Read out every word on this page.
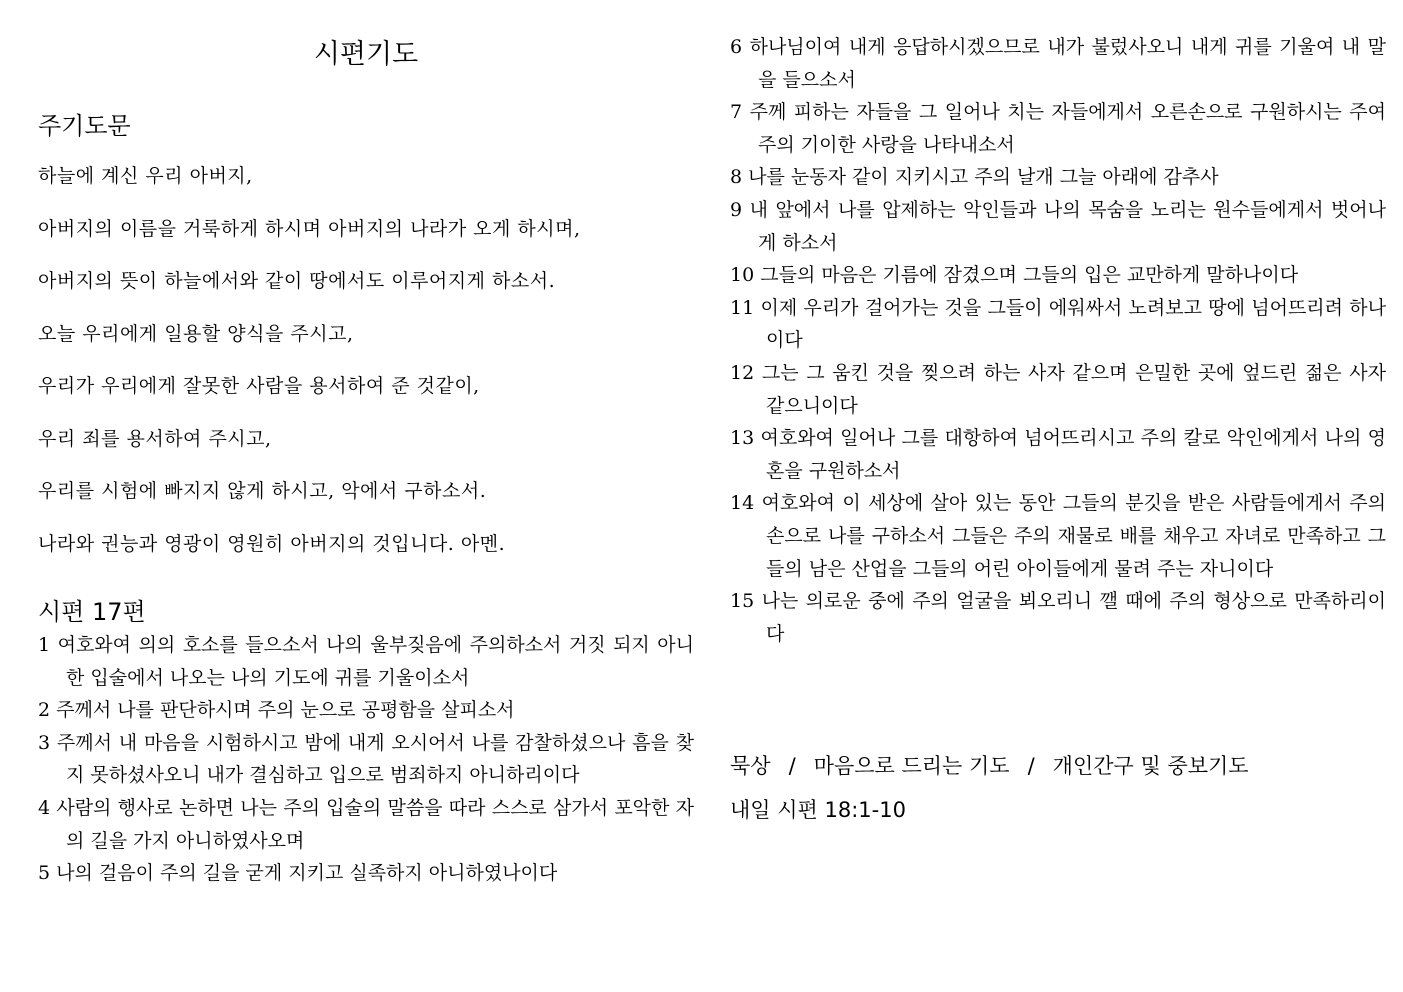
시편기도
주기도문
하늘에 계신 우리 아버지,
아버지의 이름을 거룩하게 하시며 아버지의 나라가 오게 하시며,
아버지의 뜻이 하늘에서와 같이 땅에서도 이루어지게 하소서.
오늘 우리에게 일용할 양식을 주시고,
우리가 우리에게 잘못한 사람을 용서하여 준 것같이,
우리 죄를 용서하여 주시고,
우리를 시험에 빠지지 않게 하시고, 악에서 구하소서.
나라와 권능과 영광이 영원히 아버지의 것입니다. 아멘.
시편 17편
1 여호와여 의의 호소를 들으소서 나의 울부짖음에 주의하소서 거짓 되지 아니한 입술에서 나오는 나의 기도에 귀를 기울이소서
2 주께서 나를 판단하시며 주의 눈으로 공평함을 살피소서
3 주께서 내 마음을 시험하시고 밤에 내게 오시어서 나를 감찰하셨으나 흠을 찾지 못하셨사오니 내가 결심하고 입으로 범죄하지 아니하리이다
4 사람의 행사로 논하면 나는 주의 입술의 말씀을 따라 스스로 삼가서 포악한 자의 길을 가지 아니하였사오며
5 나의 걸음이 주의 길을 굳게 지키고 실족하지 아니하였나이다
6 하나님이여 내게 응답하시겠으므로 내가 불렀사오니 내게 귀를 기울여 내 말을 들으소서
7 주께 피하는 자들을 그 일어나 치는 자들에게서 오른손으로 구원하시는 주여 주의 기이한 사랑을 나타내소서
8 나를 눈동자 같이 지키시고 주의 날개 그늘 아래에 감추사
9 내 앞에서 나를 압제하는 악인들과 나의 목숨을 노리는 원수들에게서 벗어나게 하소서
10 그들의 마음은 기름에 잠겼으며 그들의 입은 교만하게 말하나이다
11 이제 우리가 걸어가는 것을 그들이 에워싸서 노려보고 땅에 넘어뜨리려 하나이다
12 그는 그 움킨 것을 찢으려 하는 사자 같으며 은밀한 곳에 엎드린 젊은 사자 같으니이다
13 여호와여 일어나 그를 대항하여 넘어뜨리시고 주의 칼로 악인에게서 나의 영혼을 구원하소서
14 여호와여 이 세상에 살아 있는 동안 그들의 분깃을 받은 사람들에게서 주의 손으로 나를 구하소서 그들은 주의 재물로 배를 채우고 자녀로 만족하고 그들의 남은 산업을 그들의 어린 아이들에게 물려 주는 자니이다
15 나는 의로운 중에 주의 얼굴을 뵈오리니 깰 때에 주의 형상으로 만족하리이다

묵상 / 마음으로 드리는 기도 / 개인간구 및 중보기도

내일 시편 18:1-10
